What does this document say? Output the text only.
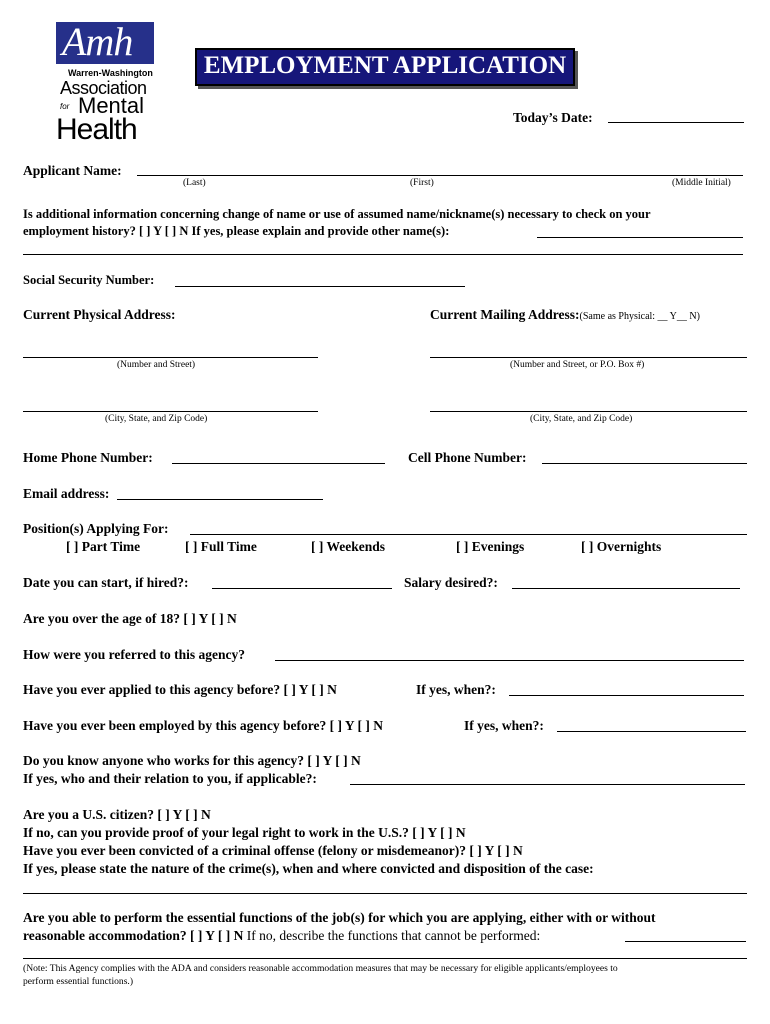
Amh
Warren-Washington
Association
for Mental
Health
EMPLOYMENT APPLICATION
Today’s Date:
Applicant Name:
(Last)	(First)	(Middle Initial)
Is additional information concerning change of name or use of assumed name/nickname(s) necessary to check on your
employment history? [ ] Y [ ] N If yes, please explain and provide other name(s):
Social Security Number:
Current Physical Address:	Current Mailing Address:(Same as Physical: __ Y__ N)
(Number and Street)	(Number and Street, or P.O. Box #)
(City, State, and Zip Code)	(City, State, and Zip Code)
Home Phone Number:	Cell Phone Number:
Email address:
Position(s) Applying For:
[ ] Part Time	[ ] Full Time	[ ] Weekends	[ ] Evenings	[ ] Overnights
Date you can start, if hired?:	Salary desired?:
Are you over the age of 18? [ ] Y [ ] N
How were you referred to this agency?
Have you ever applied to this agency before? [ ] Y [ ] N	If yes, when?:
Have you ever been employed by this agency before? [ ] Y [ ] N	If yes, when?:
Do you know anyone who works for this agency? [ ] Y [ ] N
If yes, who and their relation to you, if applicable?:
Are you a U.S. citizen? [ ] Y [ ] N
If no, can you provide proof of your legal right to work in the U.S.? [ ] Y [ ] N
Have you ever been convicted of a criminal offense (felony or misdemeanor)? [ ] Y [ ] N
If yes, please state the nature of the crime(s), when and where convicted and disposition of the case:
Are you able to perform the essential functions of the job(s) for which you are applying, either with or without
reasonable accommodation? [ ] Y [ ] N If no, describe the functions that cannot be performed:
(Note: This Agency complies with the ADA and considers reasonable accommodation measures that may be necessary for eligible applicants/employees to
perform essential functions.)
